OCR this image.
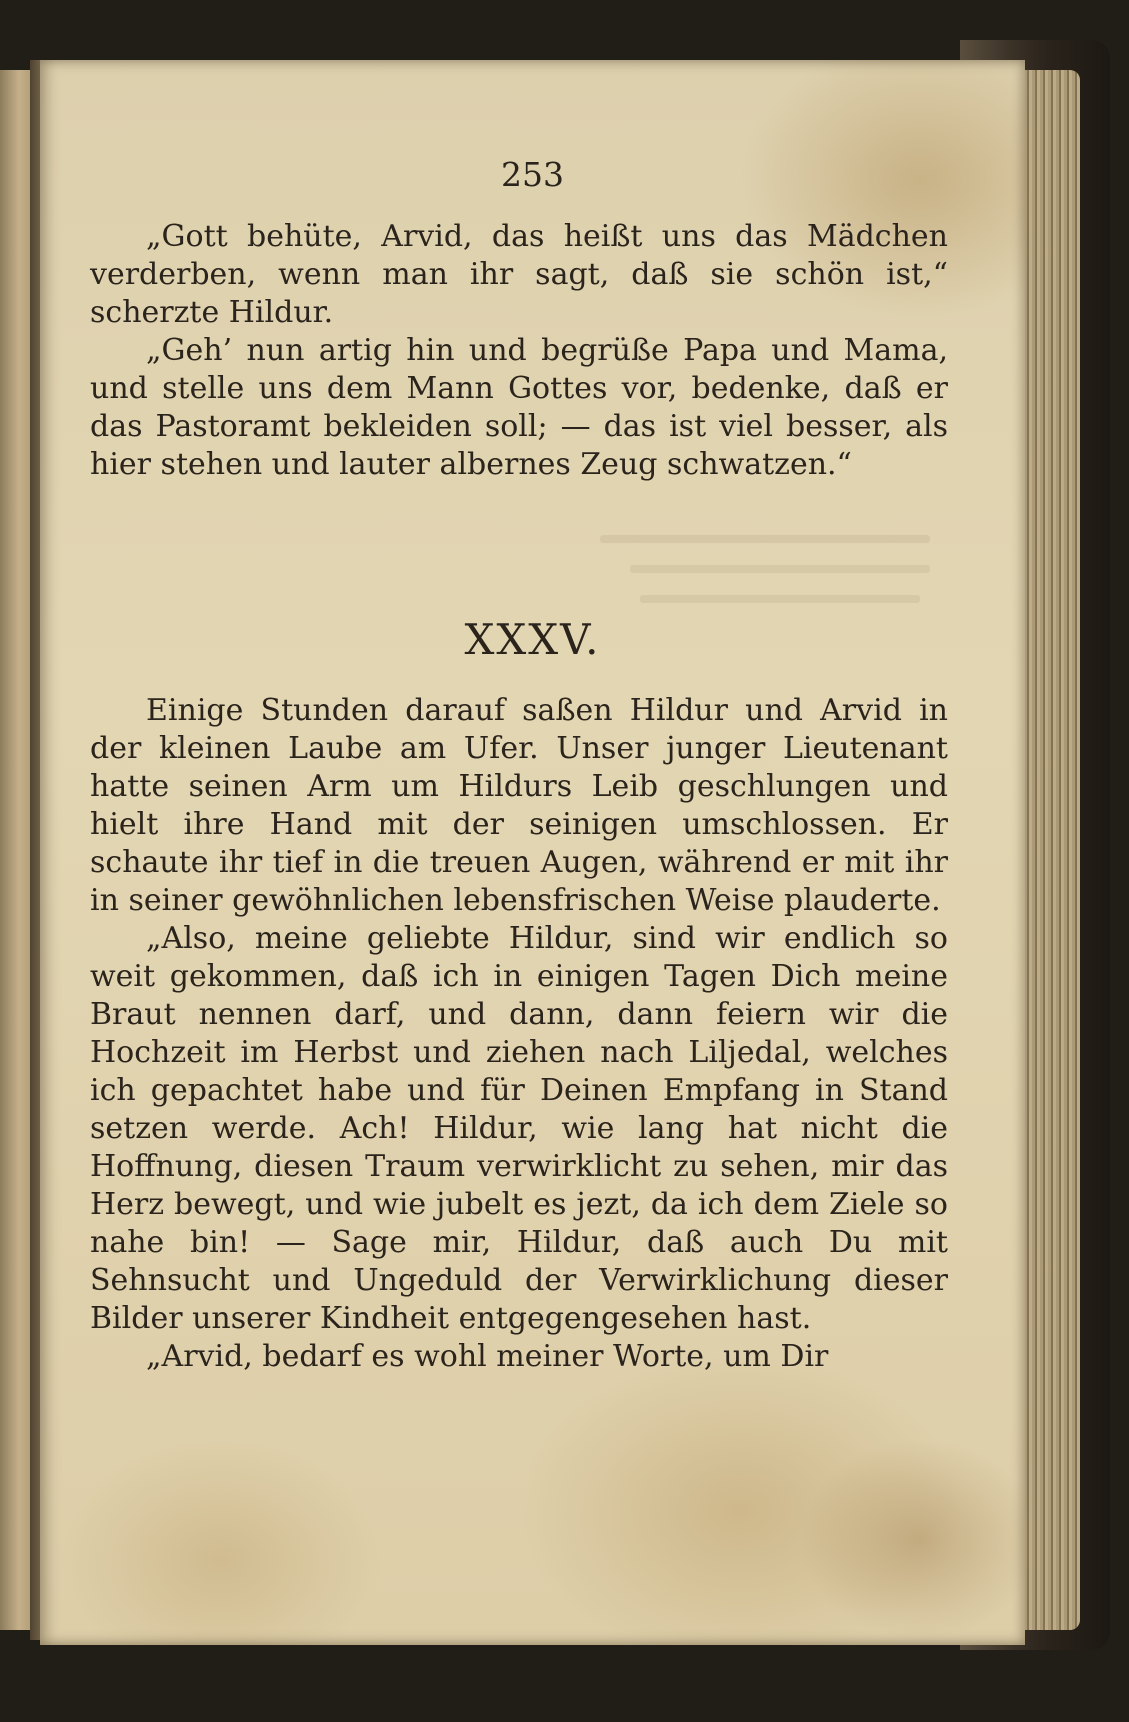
253

„Gott behüte, Arvid, das heißt uns das Mädchen verderben, wenn man ihr sagt, daß sie schön ist,“ scherzte Hildur.

„Geh’ nun artig hin und begrüße Papa und Mama, und stelle uns dem Mann Gottes vor, bedenke, daß er das Pastoramt bekleiden soll; — das ist viel besser, als hier stehen und lauter albernes Zeug schwatzen.“

XXXV.

Einige Stunden darauf saßen Hildur und Arvid in der kleinen Laube am Ufer. Unser junger Lieutenant hatte seinen Arm um Hildurs Leib geschlungen und hielt ihre Hand mit der seinigen umschlossen. Er schaute ihr tief in die treuen Augen, während er mit ihr in seiner gewöhnlichen lebensfrischen Weise plauderte.

„Also, meine geliebte Hildur, sind wir endlich so weit gekommen, daß ich in einigen Tagen Dich meine Braut nennen darf, und dann, dann feiern wir die Hochzeit im Herbst und ziehen nach Liljedal, welches ich gepachtet habe und für Deinen Empfang in Stand setzen werde. Ach! Hildur, wie lang hat nicht die Hoffnung, diesen Traum verwirklicht zu sehen, mir das Herz bewegt, und wie jubelt es jezt, da ich dem Ziele so nahe bin! — Sage mir, Hildur, daß auch Du mit Sehnsucht und Ungeduld der Verwirklichung dieser Bilder unserer Kindheit entgegengesehen hast.

„Arvid, bedarf es wohl meiner Worte, um Dir
